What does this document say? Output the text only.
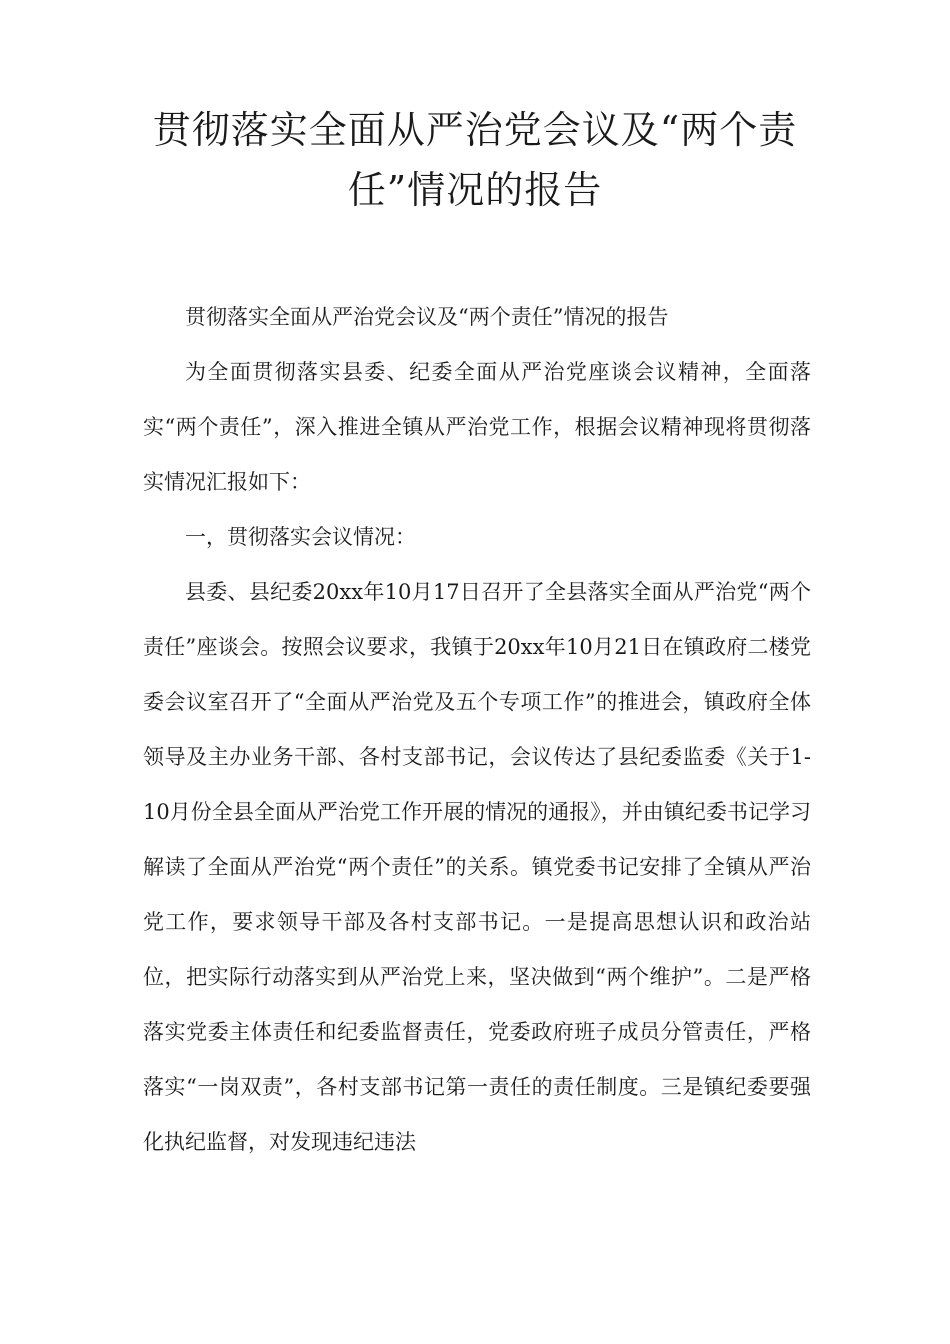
贯彻落实全面从严治党会议及“两个责任”情况的报告

贯彻落实全面从严治党会议及“两个责任”情况的报告

为全面贯彻落实县委、纪委全面从严治党座谈会议精神，全面落实“两个责任”，深入推进全镇从严治党工作，根据会议精神现将贯彻落实情况汇报如下：

一，贯彻落实会议情况：

县委、县纪委20xx年10月17日召开了全县落实全面从严治党“两个责任”座谈会。按照会议要求，我镇于20xx年10月21日在镇政府二楼党委会议室召开了“全面从严治党及五个专项工作”的推进会，镇政府全体领导及主办业务干部、各村支部书记，会议传达了县纪委监委《关于1-10月份全县全面从严治党工作开展的情况的通报》，并由镇纪委书记学习解读了全面从严治党“两个责任”的关系。镇党委书记安排了全镇从严治党工作，要求领导干部及各村支部书记。一是提高思想认识和政治站位，把实际行动落实到从严治党上来，坚决做到“两个维护”。二是严格落实党委主体责任和纪委监督责任，党委政府班子成员分管责任，严格落实“一岗双责”，各村支部书记第一责任的责任制度。三是镇纪委要强化执纪监督，对发现违纪违法
